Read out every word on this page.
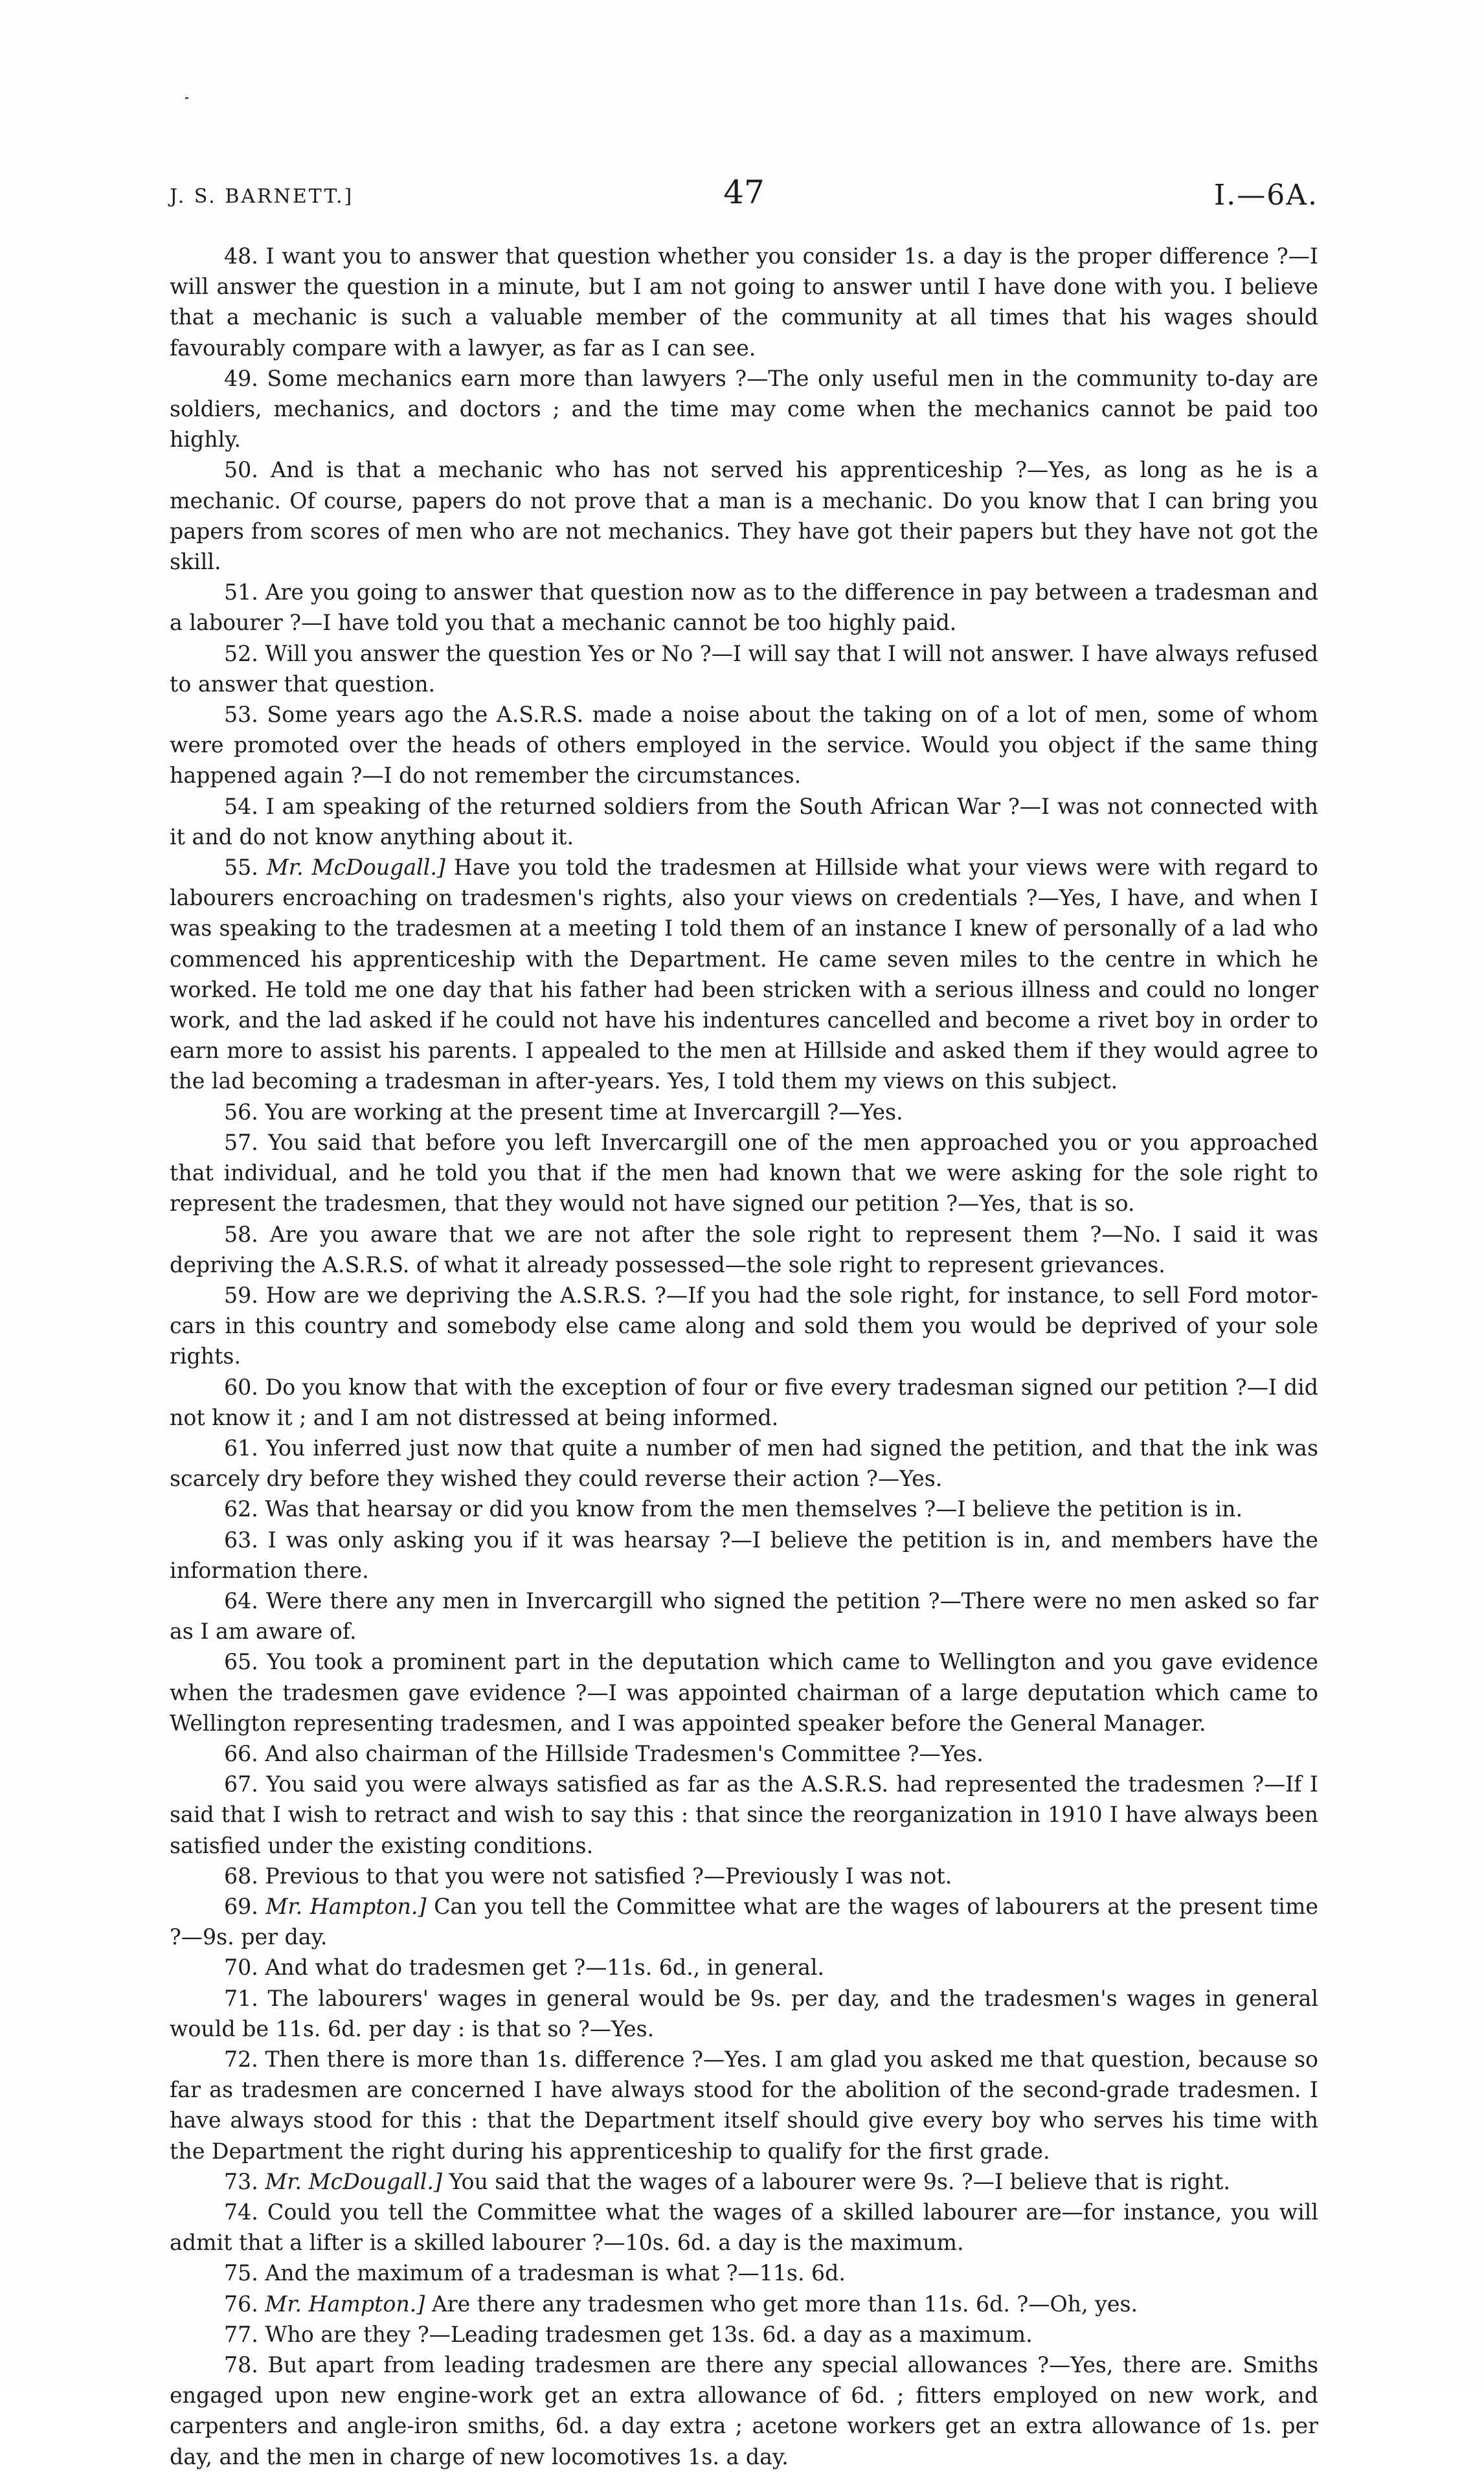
J. S. BARNETT.]	47	I.—6A.

48. I want you to answer that question whether you consider 1s. a day is the proper difference ?—I will answer the question in a minute, but I am not going to answer until I have done with you. I believe that a mechanic is such a valuable member of the community at all times that his wages should favourably compare with a lawyer, as far as I can see.

49. Some mechanics earn more than lawyers ?—The only useful men in the community to-day are soldiers, mechanics, and doctors ; and the time may come when the mechanics cannot be paid too highly.

50. And is that a mechanic who has not served his apprenticeship ?—Yes, as long as he is a mechanic. Of course, papers do not prove that a man is a mechanic. Do you know that I can bring you papers from scores of men who are not mechanics. They have got their papers but they have not got the skill.

51. Are you going to answer that question now as to the difference in pay between a tradesman and a labourer ?—I have told you that a mechanic cannot be too highly paid.

52. Will you answer the question Yes or No ?—I will say that I will not answer. I have always refused to answer that question.

53. Some years ago the A.S.R.S. made a noise about the taking on of a lot of men, some of whom were promoted over the heads of others employed in the service. Would you object if the same thing happened again ?—I do not remember the circumstances.

54. I am speaking of the returned soldiers from the South African War ?—I was not connected with it and do not know anything about it.

55. Mr. McDougall.] Have you told the tradesmen at Hillside what your views were with regard to labourers encroaching on tradesmen's rights, also your views on credentials ?—Yes, I have, and when I was speaking to the tradesmen at a meeting I told them of an instance I knew of personally of a lad who commenced his apprenticeship with the Department. He came seven miles to the centre in which he worked. He told me one day that his father had been stricken with a serious illness and could no longer work, and the lad asked if he could not have his indentures cancelled and become a rivet boy in order to earn more to assist his parents. I appealed to the men at Hillside and asked them if they would agree to the lad becoming a tradesman in after-years. Yes, I told them my views on this subject.

56. You are working at the present time at Invercargill ?—Yes.

57. You said that before you left Invercargill one of the men approached you or you approached that individual, and he told you that if the men had known that we were asking for the sole right to represent the tradesmen, that they would not have signed our petition ?—Yes, that is so.

58. Are you aware that we are not after the sole right to represent them ?—No. I said it was depriving the A.S.R.S. of what it already possessed—the sole right to represent grievances.

59. How are we depriving the A.S.R.S. ?—If you had the sole right, for instance, to sell Ford motor-cars in this country and somebody else came along and sold them you would be deprived of your sole rights.

60. Do you know that with the exception of four or five every tradesman signed our petition ?—I did not know it ; and I am not distressed at being informed.

61. You inferred just now that quite a number of men had signed the petition, and that the ink was scarcely dry before they wished they could reverse their action ?—Yes.

62. Was that hearsay or did you know from the men themselves ?—I believe the petition is in.

63. I was only asking you if it was hearsay ?—I believe the petition is in, and members have the information there.

64. Were there any men in Invercargill who signed the petition ?—There were no men asked so far as I am aware of.

65. You took a prominent part in the deputation which came to Wellington and you gave evidence when the tradesmen gave evidence ?—I was appointed chairman of a large deputation which came to Wellington representing tradesmen, and I was appointed speaker before the General Manager.

66. And also chairman of the Hillside Tradesmen's Committee ?—Yes.

67. You said you were always satisfied as far as the A.S.R.S. had represented the tradesmen ?—If I said that I wish to retract and wish to say this : that since the reorganization in 1910 I have always been satisfied under the existing conditions.

68. Previous to that you were not satisfied ?—Previously I was not.

69. Mr. Hampton.] Can you tell the Committee what are the wages of labourers at the present time ?—9s. per day.

70. And what do tradesmen get ?—11s. 6d., in general.

71. The labourers' wages in general would be 9s. per day, and the tradesmen's wages in general would be 11s. 6d. per day : is that so ?—Yes.

72. Then there is more than 1s. difference ?—Yes. I am glad you asked me that question, because so far as tradesmen are concerned I have always stood for the abolition of the second-grade tradesmen. I have always stood for this : that the Department itself should give every boy who serves his time with the Department the right during his apprenticeship to qualify for the first grade.

73. Mr. McDougall.] You said that the wages of a labourer were 9s. ?—I believe that is right.

74. Could you tell the Committee what the wages of a skilled labourer are—for instance, you will admit that a lifter is a skilled labourer ?—10s. 6d. a day is the maximum.

75. And the maximum of a tradesman is what ?—11s. 6d.

76. Mr. Hampton.] Are there any tradesmen who get more than 11s. 6d. ?—Oh, yes.

77. Who are they ?—Leading tradesmen get 13s. 6d. a day as a maximum.

78. But apart from leading tradesmen are there any special allowances ?—Yes, there are. Smiths engaged upon new engine-work get an extra allowance of 6d. ; fitters employed on new work, and carpenters and angle-iron smiths, 6d. a day extra ; acetone workers get an extra allowance of 1s. per day, and the men in charge of new locomotives 1s. a day.
